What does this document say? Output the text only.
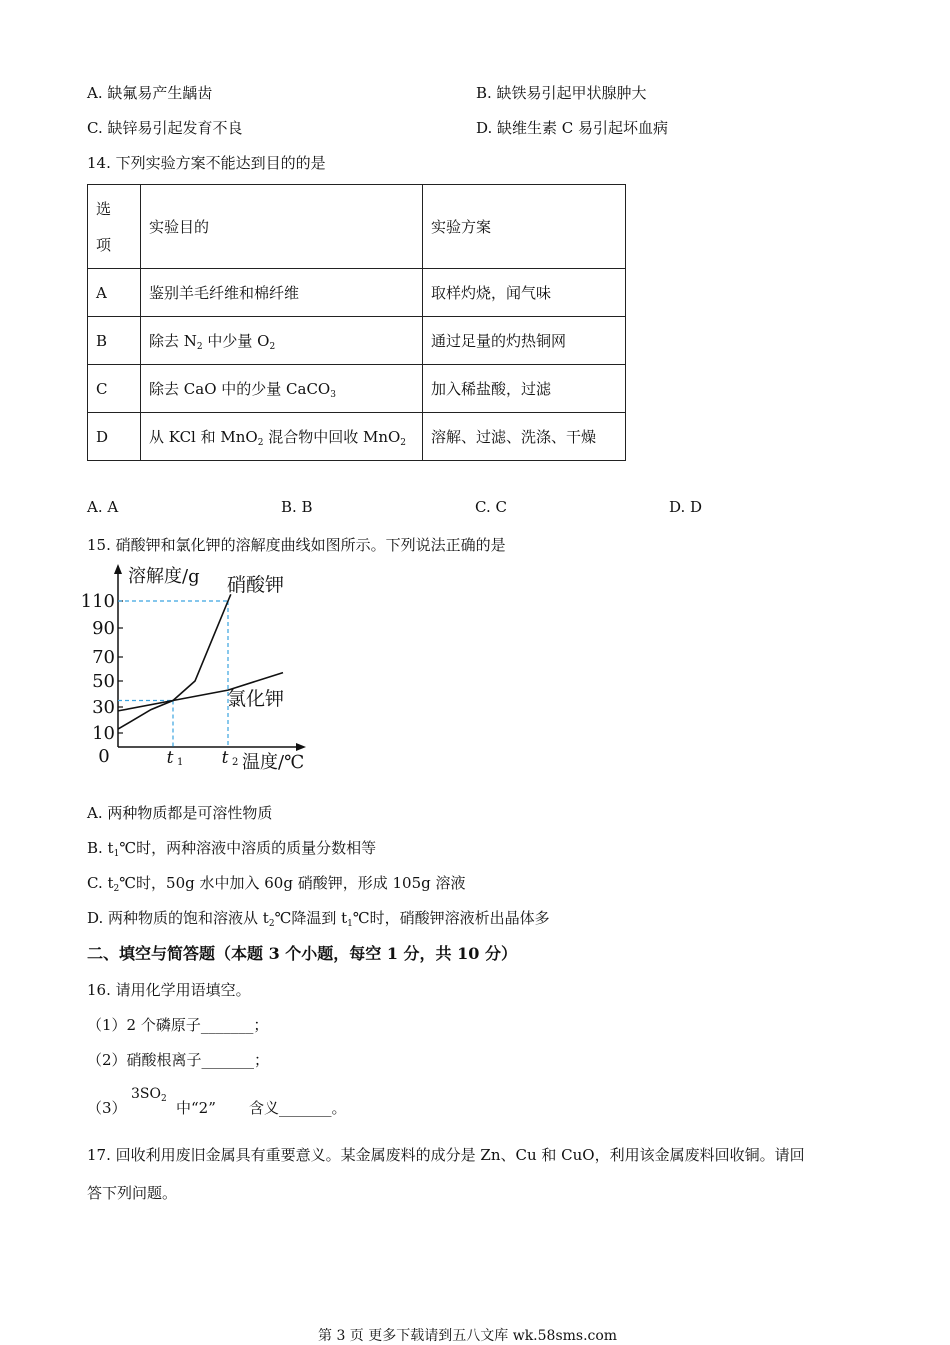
A. 缺氟易产生龋齿	B. 缺铁易引起甲状腺肿大
C. 缺锌易引起发育不良	D. 缺维生素 C 易引起坏血病
14. 下列实验方案不能达到目的的是
选
项	实验目的	实验方案
A	鉴别羊毛纤维和棉纤维	取样灼烧，闻气味
B	除去 $N_2$ 中少量 $O_2$	通过足量的灼热铜网
C	除去 CaO 中的少量 CaCO$_3$	加入稀盐酸，过滤
D	从 KCl 和 MnO$_2$ 混合物中回收 MnO$_2$	溶解、过滤、洗涤、干燥
A. A	B. B	C. C	D. D
15. 硝酸钾和氯化钾的溶解度曲线如图所示。下列说法正确的是
溶解度/g
温度/℃
0
10
30
50
70
90
110
t 1 t 2
硝酸钾
氯化钾
A. 两种物质都是可溶性物质
B. $t_1℃$时，两种溶液中溶质的质量分数相等
C. $t_2℃$时，50g 水中加入 60g 硝酸钾，形成 105g 溶液
D. 两种物质的饱和溶液从 $t_2℃$降温到 $t_1℃$时，硝酸钾溶液析出晶体多
二、填空与简答题（本题 3 个小题，每空 1 分，共 10 分）
16. 请用化学用语填空。
（1）2 个磷原子_______；
（2）硝酸根离子_______；
（3）
$3SO_2$ 中“2” 含义_______。
17. 回收利用废旧金属具有重要意义。某金属废料的成分是 Zn、Cu 和 CuO，利用该金属废料回收铜。请回
答下列问题。
第 3 页 更多下载请到五八文库 wk.58sms.com
